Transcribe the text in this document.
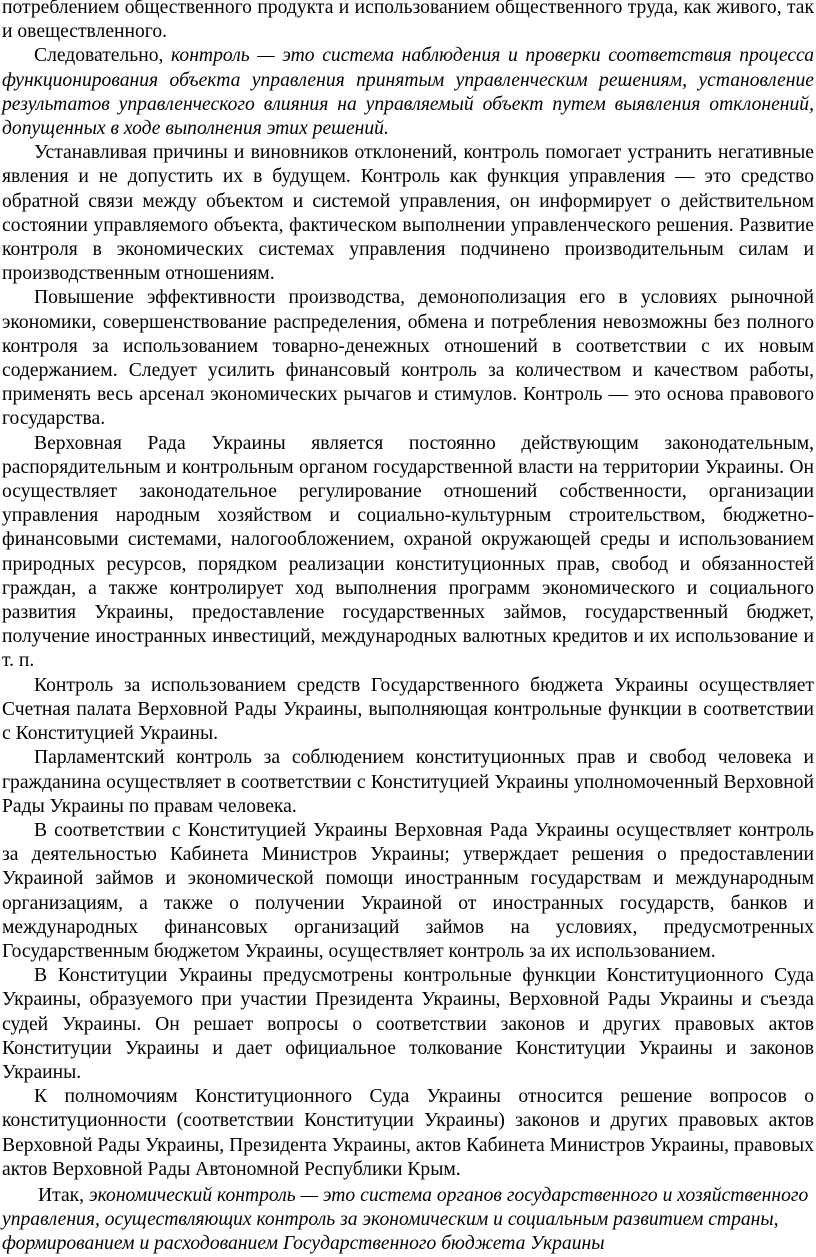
потреблением общественного продукта и использованием общественного труда, как живого, так и овеществленного.

Следовательно, контроль — это система наблюдения и проверки соответствия процесса функционирования объекта управления принятым управленческим решениям, установление результатов управленческого влияния на управляемый объект путем выявления отклонений, допущенных в ходе выполнения этих решений.

Устанавливая причины и виновников отклонений, контроль помогает устранить негативные явления и не допустить их в будущем. Контроль как функция управления — это средство обратной связи между объектом и системой управления, он информирует о действительном состоянии управляемого объекта, фактическом выполнении управленческого решения. Развитие контроля в экономических системах управления подчинено производительным силам и производственным отношениям.

Повышение эффективности производства, демонополизация его в условиях рыночной экономики, совершенствование распределения, обмена и потребления невозможны без полного контроля за использованием товарно-денежных отношений в соответствии с их новым содержанием. Следует усилить финансовый контроль за количеством и качеством работы, применять весь арсенал экономических рычагов и стимулов. Контроль — это основа правового государства.

Верховная Рада Украины является постоянно действующим законодательным, распорядительным и контрольным органом государственной власти на территории Украины. Он осуществляет законодательное регулирование отношений собственности, организации управления народным хозяйством и социально-культурным строительством, бюджетно-финансовыми системами, налогообложением, охраной окружающей среды и использованием природных ресурсов, порядком реализации конституционных прав, свобод и обязанностей граждан, а также контролирует ход выполнения программ экономического и социального развития Украины, предоставление государственных займов, государственный бюджет, получение иностранных инвестиций, международных валютных кредитов и их использование и т. п.

Контроль за использованием средств Государственного бюджета Украины осуществляет Счетная палата Верховной Рады Украины, выполняющая контрольные функции в соответствии с Конституцией Украины.

Парламентский контроль за соблюдением конституционных прав и свобод человека и гражданина осуществляет в соответствии с Конституцией Украины уполномоченный Верховной Рады Украины по правам человека.

В соответствии с Конституцией Украины Верховная Рада Украины осуществляет контроль за деятельностью Кабинета Министров Украины; утверждает решения о предоставлении Украиной займов и экономической помощи иностранным государствам и международным организациям, а также о получении Украиной от иностранных государств, банков и международных финансовых организаций займов на условиях, предусмотренных Государственным бюджетом Украины, осуществляет контроль за их использованием.

В Конституции Украины предусмотрены контрольные функции Конституционного Суда Украины, образуемого при участии Президента Украины, Верховной Рады Украины и съезда судей Украины. Он решает вопросы о соответствии законов и других правовых актов Конституции Украины и дает официальное толкование Конституции Украины и законов Украины.

К полномочиям Конституционного Суда Украины относится решение вопросов о конституционности (соответствии Конституции Украины) законов и других правовых актов Верховной Рады Украины, Президента Украины, актов Кабинета Министров Украины, правовых актов Верховной Рады Автономной Республики Крым.

Итак, экономический контроль — это система органов государственного и хозяйственного управления, осуществляющих контроль за экономическим и социальным развитием страны, формированием и расходованием Государственного бюджета Украины
